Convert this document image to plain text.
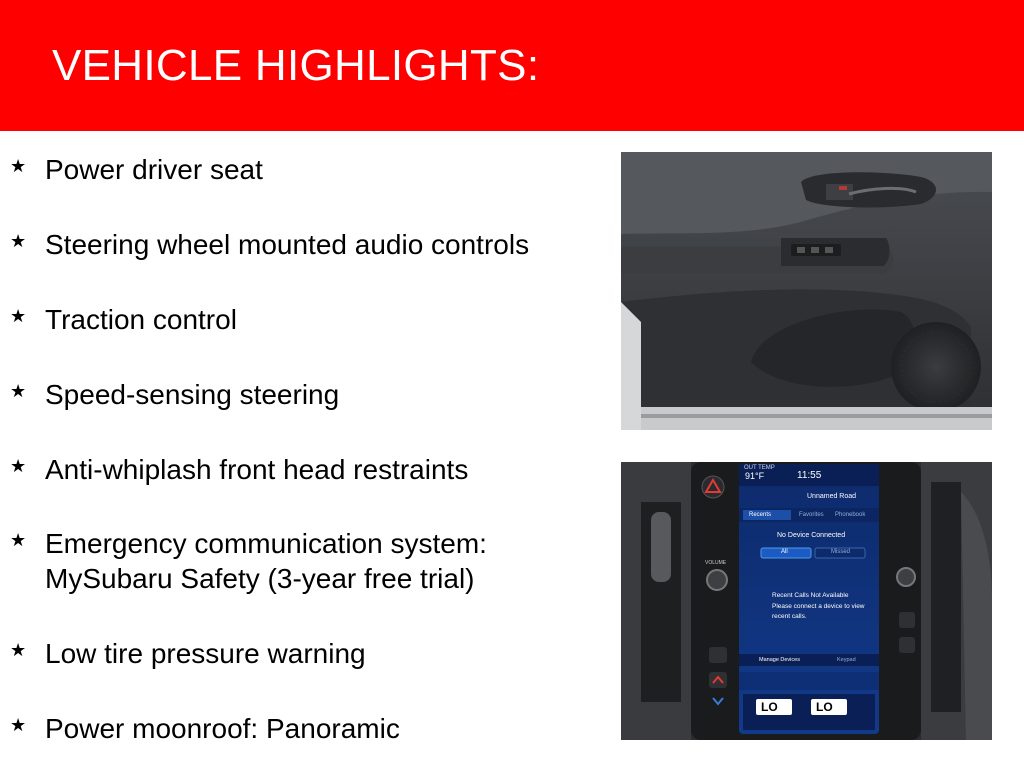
VEHICLE HIGHLIGHTS:
★ Power driver seat
★ Steering wheel mounted audio controls
★ Traction control
★ Speed-sensing steering
★ Anti-whiplash front head restraints
★ Emergency communication system: MySubaru Safety (3-year free trial)
★ Low tire pressure warning
★ Power moonroof: Panoramic
OUT TEMP
91°F	11:55
Unnamed Road
Recents	Favorites Phonebook
No Device Connected
All	Missed
Recent Calls Not Available
Please connect a device to view recent calls.
Manage Devices	Keypad
VOLUME
LO	LO
